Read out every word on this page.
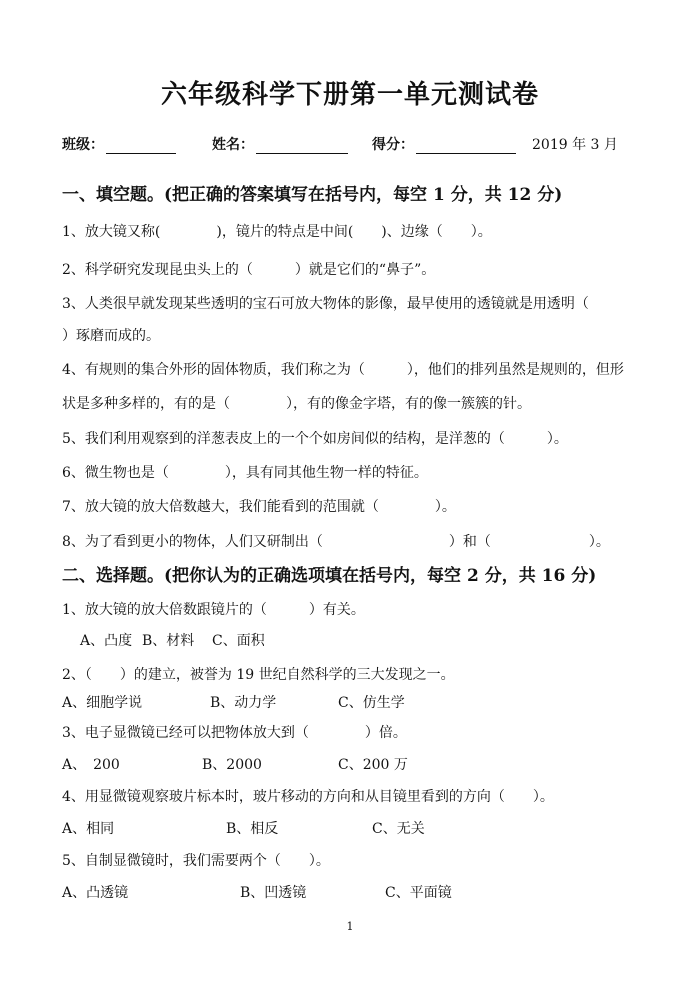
六年级科学下册第一单元测试卷
班级：	姓名：	得分：	2019 年 3 月
一、填空题。(把正确的答案填写在括号内，每空 1 分，共 12 分)
1、放大镜又称(　　　　)，镜片的特点是中间(　　)、边缘（　　）。
2、科学研究发现昆虫头上的（　　　）就是它们的“鼻子”。
3、人类很早就发现某些透明的宝石可放大物体的影像，最早使用的透镜就是用透明（
）琢磨而成的。
4、有规则的集合外形的固体物质，我们称之为（　　　），他们的排列虽然是规则的，但形
状是多种多样的，有的是（　　　　），有的像金字塔，有的像一簇簇的针。
5、我们利用观察到的洋葱表皮上的一个个如房间似的结构，是洋葱的（　　　）。
6、微生物也是（　　　　），具有同其他生物一样的特征。
7、放大镜的放大倍数越大，我们能看到的范围就（　　　　）。
8、为了看到更小的物体，人们又研制出（　　　　　　　　　）和（　　　　　　　）。
二、选择题。(把你认为的正确选项填在括号内，每空 2 分，共 16 分)
1、放大镜的放大倍数跟镜片的（　　　）有关。
A、凸度 B、材料 C、面积
2、（　　）的建立，被誉为 19 世纪自然科学的三大发现之一。
A、细胞学说	B、动力学	C、仿生学
3、电子显微镜已经可以把物体放大到（　　　　）倍。
A、　200	B、2000	C、200 万
4、用显微镜观察玻片标本时，玻片移动的方向和从目镜里看到的方向（　　）。
A、相同	B、相反	C、无关
5、自制显微镜时，我们需要两个（　　）。
A、凸透镜	B、凹透镜	C、平面镜
1
